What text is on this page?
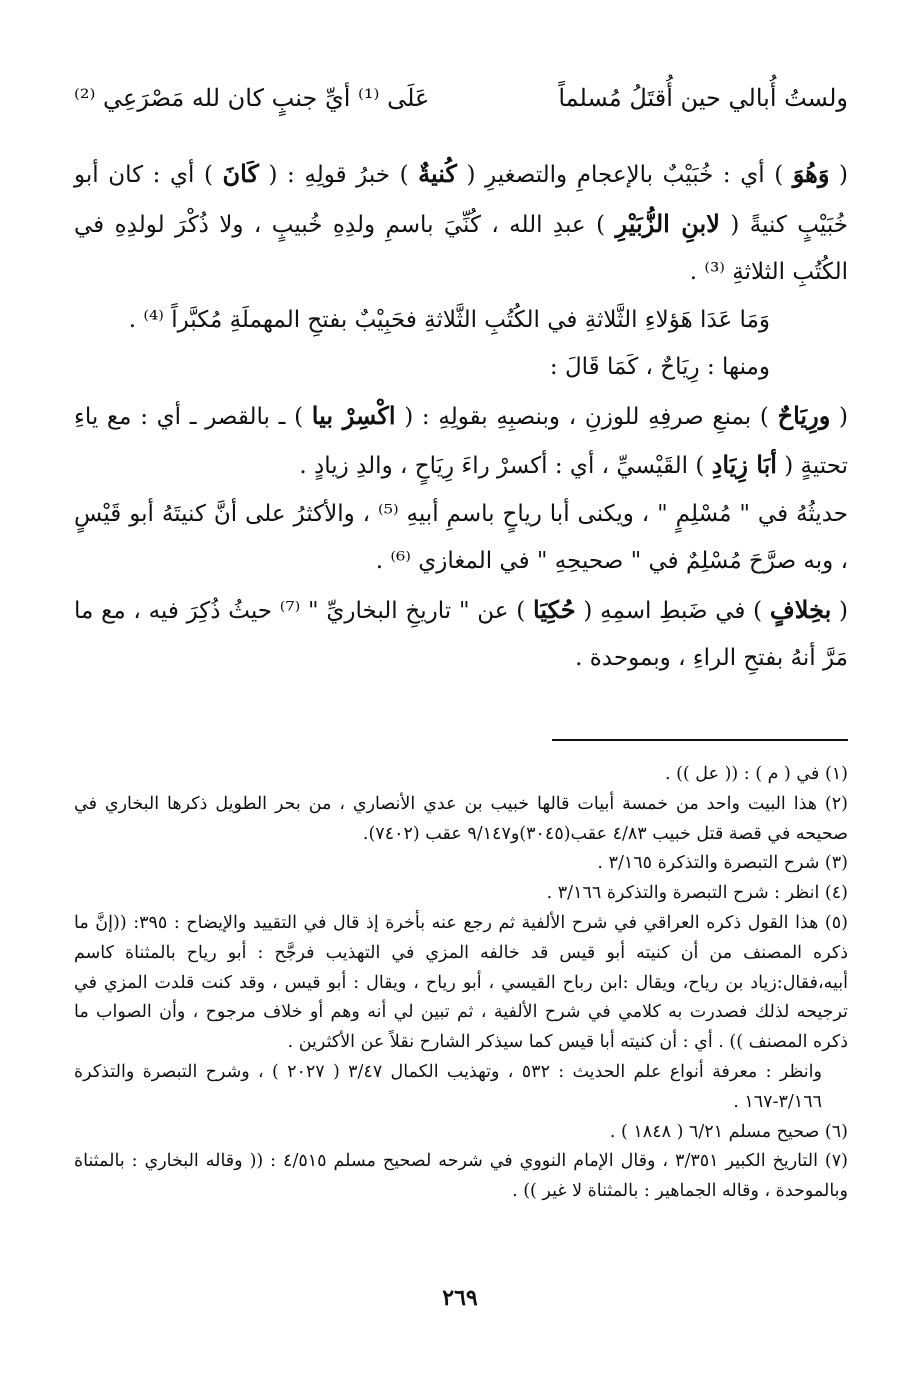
ولستُ أُبالي حين أُقتَلُ مُسلماً
عَلَى ⁽¹⁾ أيِّ جنبٍ كان لله مَصْرَعِي ⁽²⁾

( وَهُوَ ) أي : خُبَيْبٌ بالإعجامِ والتصغيرِ ( كُنيةٌ ) خبرُ قولِهِ : ( كَانَ ) أي : كان أبو خُبَيْبٍ كنيةً ( لابنِ الزُّبَيْرِ ) عبدِ الله ، كُنِّيَ باسمِ ولدِهِ خُبيبٍ ، ولا ذُكْرَ لولدِهِ في الكُتُبِ الثلاثةِ ⁽³⁾ .

وَمَا عَدَا هَؤلاءِ الثَّلاثةِ في الكُتُبِ الثَّلاثةِ فحَبِيْبٌ بفتحِ المهملَةِ مُكبَّراً ⁽⁴⁾ .

ومنها : رِيَاحٌ ، كَمَا قَالَ :

( ورِيَاحٌ ) بمنعِ صرفِهِ للوزنِ ، وبنصبِهِ بقولِهِ : ( اكْسِرْ بيا ) ـ بالقصر ـ أي : مع ياءِ تحتيةٍ ( أبَا زِيَادِ ) القَيْسيِّ ، أي : أكسرْ راءَ رِيَاحٍ ، والدِ زيادٍ .

حديثُهُ في " مُسْلِمٍ " ، ويكنى أبا رياحٍ باسمِ أبيهِ ⁽⁵⁾ ، والأكثرُ على أنَّ كنيتَهُ أبو قَيْسٍ ، وبه صرَّحَ مُسْلِمٌ في " صحيحِهِ " في المغازي ⁽⁶⁾ .

( بخِلافٍ ) في ضَبطِ اسمِهِ ( حُكِيَا ) عن " تاريخِ البخاريِّ " ⁽⁷⁾ حيثُ ذُكِرَ فيه ، مع ما مَرَّ أنهُ بفتحِ الراءِ ، وبموحدة .

(١) في ( م ) : (( عل )) .

(٢) هذا البيت واحد من خمسة أبيات قالها خبيب بن عدي الأنصاري ، من بحر الطويل ذكرها البخاري في صحيحه في قصة قتل خبيب ٤/٨٣ عقب(٣٠٤٥)و٩/١٤٧ عقب (٧٤٠٢).

(٣) شرح التبصرة والتذكرة ٣/١٦٥ .

(٤) انظر : شرح التبصرة والتذكرة ٣/١٦٦ .

(٥) هذا القول ذكره العراقي في شرح الألفية ثم رجع عنه بأخرة إذ قال في التقييد والإيضاح : ٣٩٥: ((إنَّ ما ذكره المصنف من أن كنيته أبو قيس قد خالفه المزي في التهذيب فرجَّح : أبو رياح بالمثناة كاسم أبيه،فقال:زياد بن رياح، ويقال :ابن رباح القيسي ، أبو رياح ، ويقال : أبو قيس ، وقد كنت قلدت المزي في ترجيحه لذلك فصدرت به كلامي في شرح الألفية ، ثم تبين لي أنه وهم أو خلاف مرجوح ، وأن الصواب ما ذكره المصنف )) . أي : أن كنيته أبا قيس كما سيذكر الشارح نقلاً عن الأكثرين .

وانظر : معرفة أنواع علم الحديث : ٥٣٢ ، وتهذيب الكمال ٣/٤٧ ( ٢٠٢٧ ) ، وشرح التبصرة والتذكرة ٣/١٦٦-١٦٧ .

(٦) صحيح مسلم ٦/٢١ ( ١٨٤٨ ) .

(٧) التاريخ الكبير ٣/٣٥١ ، وقال الإمام النووي في شرحه لصحيح مسلم ٤/٥١٥ : (( وقاله البخاري : بالمثناة وبالموحدة ، وقاله الجماهير : بالمثناة لا غير )) .

٢٦٩
